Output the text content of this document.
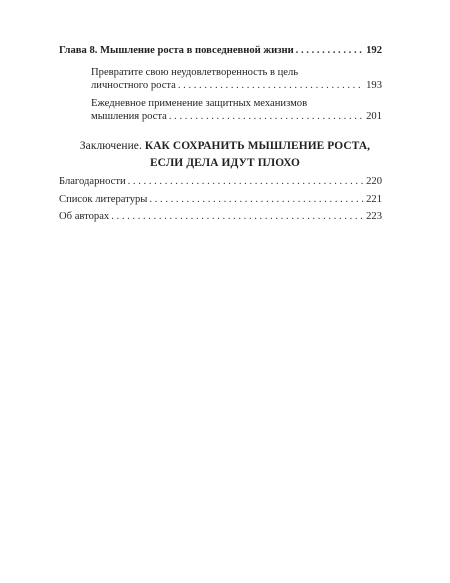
Глава 8. Мышление роста в повседневной жизни . . .	192
Превратите свою неудовлетворенность в цель
личностного роста . . .	193
Ежедневное применение защитных механизмов
мышления роста . . .	201
Заключение. КАК СОХРАНИТЬ МЫШЛЕНИЕ РОСТА,
ЕСЛИ ДЕЛА ИДУТ ПЛОХО
Благодарности . . .	220
Список литературы . . .	221
Об авторах . . .	223
